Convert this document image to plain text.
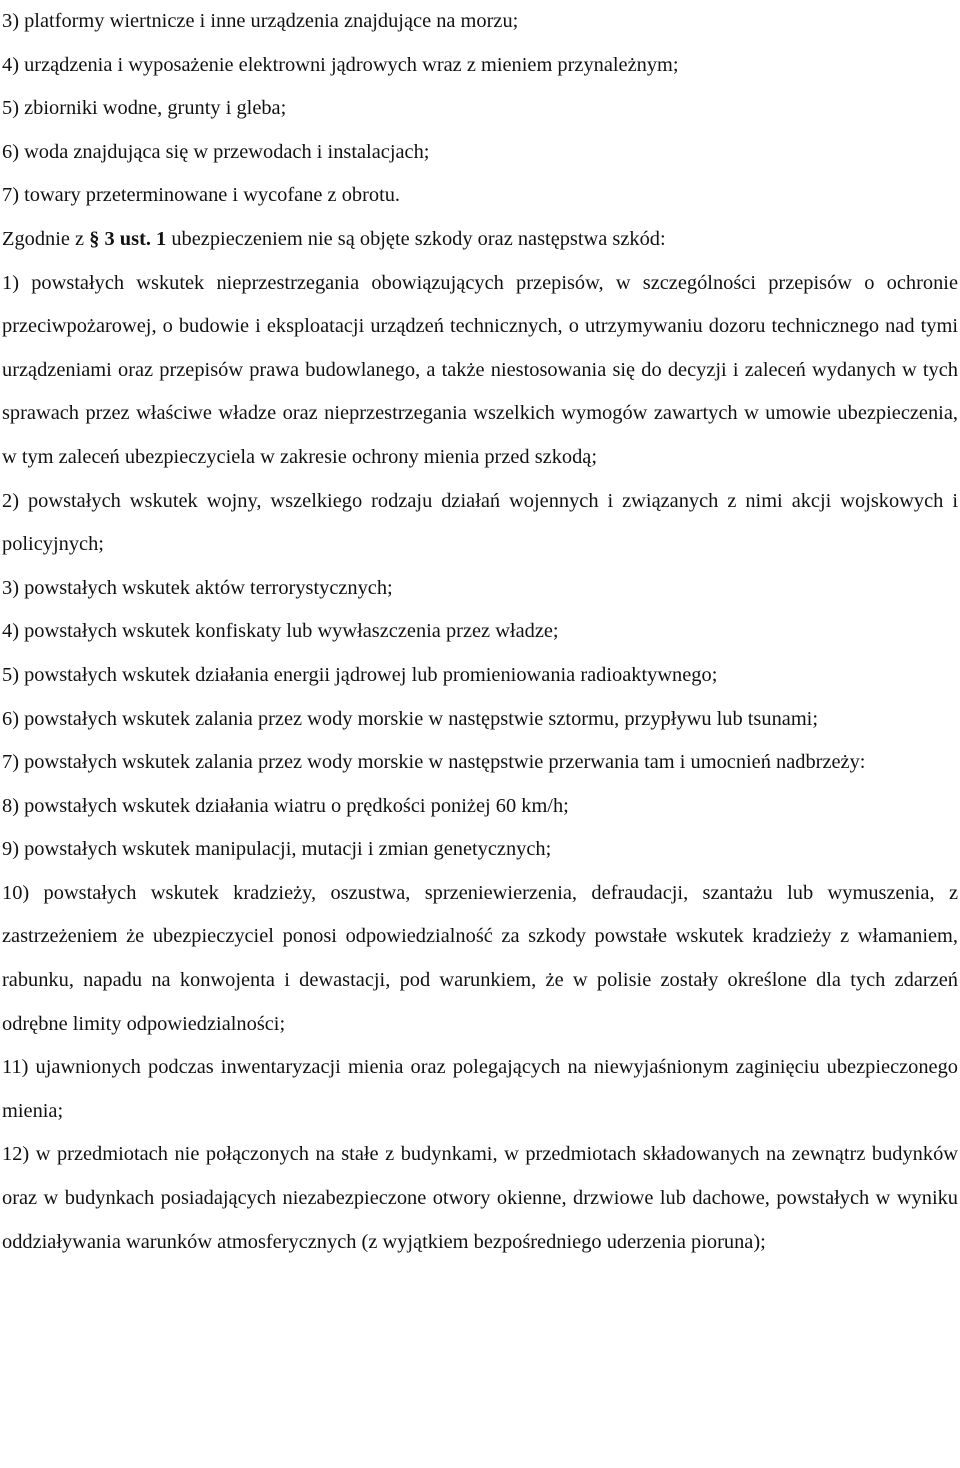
3) platformy wiertnicze i inne urządzenia znajdujące na morzu;

4) urządzenia i wyposażenie elektrowni jądrowych wraz z mieniem przynależnym;

5) zbiorniki wodne, grunty i gleba;

6) woda znajdująca się w przewodach i instalacjach;

7) towary przeterminowane i wycofane z obrotu.

Zgodnie z § 3 ust. 1 ubezpieczeniem nie są objęte szkody oraz następstwa szkód:

1) powstałych wskutek nieprzestrzegania obowiązujących przepisów, w szczególności przepisów o ochronie przeciwpożarowej, o budowie i eksploatacji urządzeń technicznych, o utrzymywaniu dozoru technicznego nad tymi urządzeniami oraz przepisów prawa budowlanego, a także niestosowania się do decyzji i zaleceń wydanych w tych sprawach przez właściwe władze oraz nieprzestrzegania wszelkich wymogów zawartych w umowie ubezpieczenia, w tym zaleceń ubezpieczyciela w zakresie ochrony mienia przed szkodą;

2) powstałych wskutek wojny, wszelkiego rodzaju działań wojennych i związanych z nimi akcji wojskowych i policyjnych;

3) powstałych wskutek aktów terrorystycznych;

4) powstałych wskutek konfiskaty lub wywłaszczenia przez władze;

5) powstałych wskutek działania energii jądrowej lub promieniowania radioaktywnego;

6) powstałych wskutek zalania przez wody morskie w następstwie sztormu, przypływu lub tsunami;

7) powstałych wskutek zalania przez wody morskie w następstwie przerwania tam i umocnień nadbrzeży:

8) powstałych wskutek działania wiatru o prędkości poniżej 60 km/h;

9) powstałych wskutek manipulacji, mutacji i zmian genetycznych;

10) powstałych wskutek kradzieży, oszustwa, sprzeniewierzenia, defraudacji, szantażu lub wymuszenia, z zastrzeżeniem że ubezpieczyciel ponosi odpowiedzialność za szkody powstałe wskutek kradzieży z włamaniem, rabunku, napadu na konwojenta i dewastacji, pod warunkiem, że w polisie zostały określone dla tych zdarzeń odrębne limity odpowiedzialności;

11) ujawnionych podczas inwentaryzacji mienia oraz polegających na niewyjaśnionym zaginięciu ubezpieczonego mienia;

12) w przedmiotach nie połączonych na stałe z budynkami, w przedmiotach składowanych na zewnątrz budynków oraz w budynkach posiadających niezabezpieczone otwory okienne, drzwiowe lub dachowe, powstałych w wyniku oddziaływania warunków atmosferycznych (z wyjątkiem bezpośredniego uderzenia pioruna);
